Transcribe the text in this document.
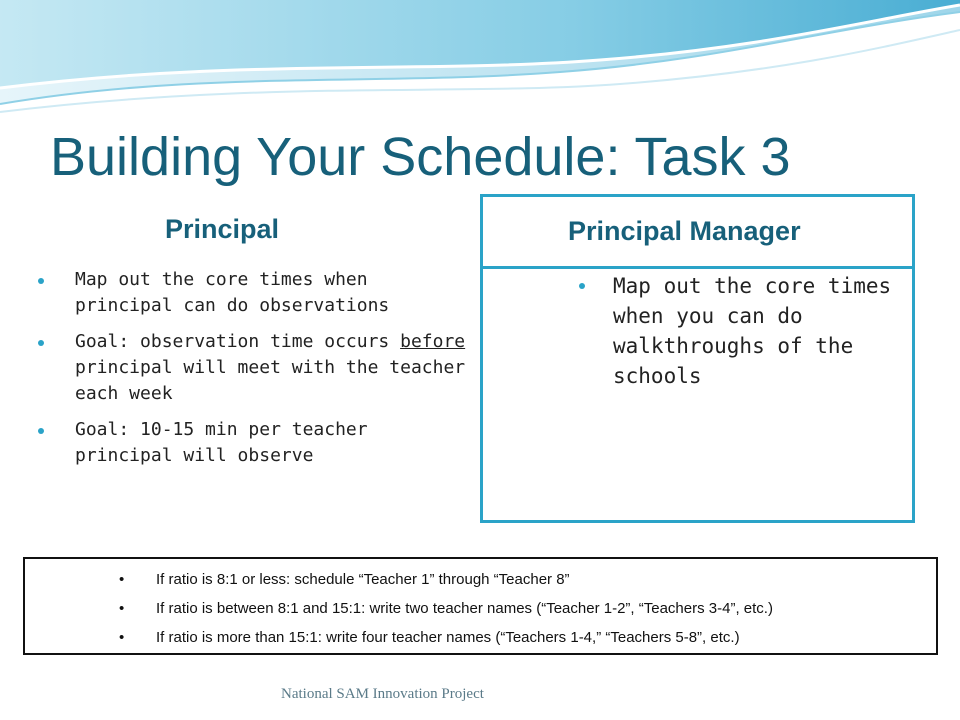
Building Your Schedule: Task 3
Principal
Map out the core times when principal can do observations
Goal: observation time occurs before principal will meet with the teacher each week
Goal: 10-15 min per teacher principal will observe
Principal Manager
Map out the core times when you can do walkthroughs of the schools
• If ratio is 8:1 or less: schedule “Teacher 1” through “Teacher 8”
• If ratio is between 8:1 and 15:1: write two teacher names (“Teacher 1-2”, “Teachers 3-4”, etc.)
• If ratio is more than 15:1: write four teacher names (“Teachers 1-4,” “Teachers 5-8”, etc.)
National SAM Innovation Project
